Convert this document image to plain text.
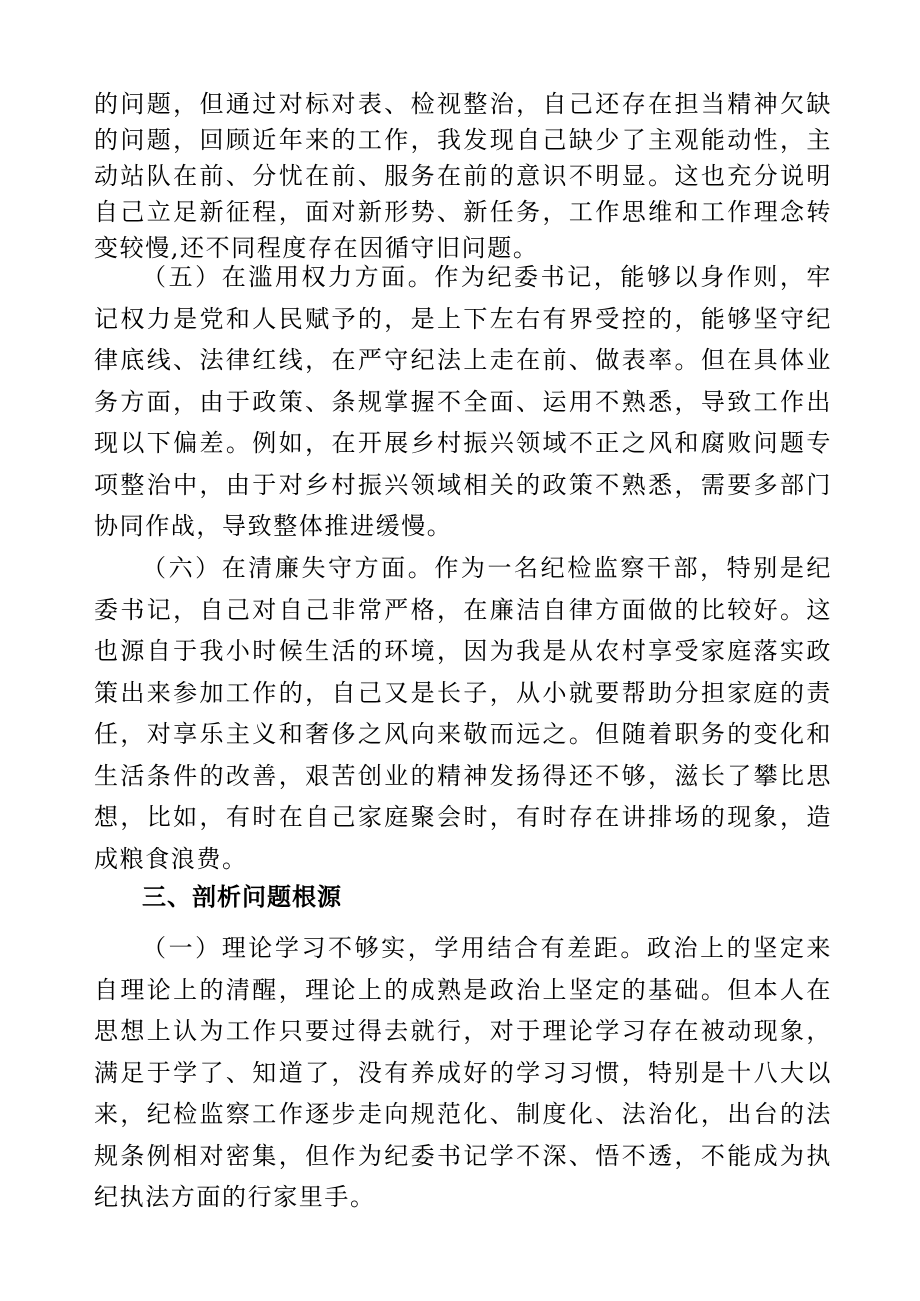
的问题，但通过对标对表、检视整治，自己还存在担当精神欠缺的问题，回顾近年来的工作，我发现自己缺少了主观能动性，主动站队在前、分忧在前、服务在前的意识不明显。这也充分说明自己立足新征程，面对新形势、新任务，工作思维和工作理念转变较慢,还不同程度存在因循守旧问题。

（五）在滥用权力方面。作为纪委书记，能够以身作则，牢记权力是党和人民赋予的，是上下左右有界受控的，能够坚守纪律底线、法律红线，在严守纪法上走在前、做表率。但在具体业务方面，由于政策、条规掌握不全面、运用不熟悉，导致工作出现以下偏差。例如，在开展乡村振兴领域不正之风和腐败问题专项整治中，由于对乡村振兴领域相关的政策不熟悉，需要多部门协同作战，导致整体推进缓慢。

（六）在清廉失守方面。作为一名纪检监察干部，特别是纪委书记，自己对自己非常严格，在廉洁自律方面做的比较好。这也源自于我小时候生活的环境，因为我是从农村享受家庭落实政策出来参加工作的，自己又是长子，从小就要帮助分担家庭的责任，对享乐主义和奢侈之风向来敬而远之。但随着职务的变化和生活条件的改善，艰苦创业的精神发扬得还不够，滋长了攀比思想，比如，有时在自己家庭聚会时，有时存在讲排场的现象，造成粮食浪费。

三、剖析问题根源

（一）理论学习不够实，学用结合有差距。政治上的坚定来自理论上的清醒，理论上的成熟是政治上坚定的基础。但本人在思想上认为工作只要过得去就行，对于理论学习存在被动现象，满足于学了、知道了，没有养成好的学习习惯，特别是十八大以来，纪检监察工作逐步走向规范化、制度化、法治化，出台的法规条例相对密集，但作为纪委书记学不深、悟不透，不能成为执纪执法方面的行家里手。
